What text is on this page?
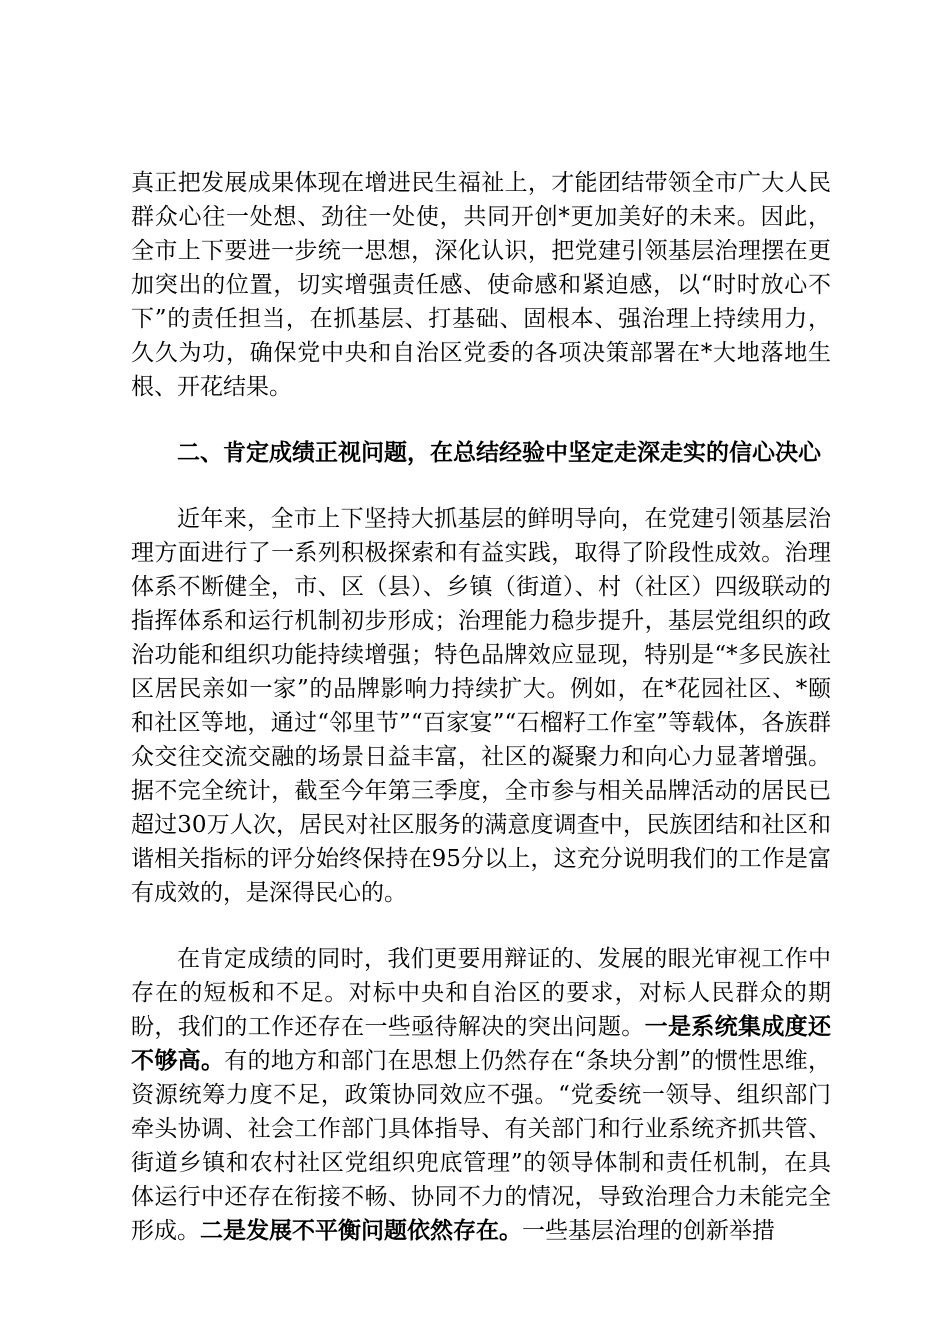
真正把发展成果体现在增进民生福祉上，才能团结带领全市广大人民群众心往一处想、劲往一处使，共同开创*更加美好的未来。因此，全市上下要进一步统一思想，深化认识，把党建引领基层治理摆在更加突出的位置，切实增强责任感、使命感和紧迫感，以“时时放心不下”的责任担当，在抓基层、打基础、固根本、强治理上持续用力，久久为功，确保党中央和自治区党委的各项决策部署在*大地落地生根、开花结果。

二、肯定成绩正视问题，在总结经验中坚定走深走实的信心决心

近年来，全市上下坚持大抓基层的鲜明导向，在党建引领基层治理方面进行了一系列积极探索和有益实践，取得了阶段性成效。治理体系不断健全，市、区（县）、乡镇（街道）、村（社区）四级联动的指挥体系和运行机制初步形成；治理能力稳步提升，基层党组织的政治功能和组织功能持续增强；特色品牌效应显现，特别是“*多民族社区居民亲如一家”的品牌影响力持续扩大。例如，在*花园社区、*颐和社区等地，通过“邻里节”“百家宴”“石榴籽工作室”等载体，各族群众交往交流交融的场景日益丰富，社区的凝聚力和向心力显著增强。据不完全统计，截至今年第三季度，全市参与相关品牌活动的居民已超过30万人次，居民对社区服务的满意度调查中，民族团结和社区和谐相关指标的评分始终保持在95分以上，这充分说明我们的工作是富有成效的，是深得民心的。

在肯定成绩的同时，我们更要用辩证的、发展的眼光审视工作中存在的短板和不足。对标中央和自治区的要求，对标人民群众的期盼，我们的工作还存在一些亟待解决的突出问题。一是系统集成度还不够高。有的地方和部门在思想上仍然存在“条块分割”的惯性思维，资源统筹力度不足，政策协同效应不强。“党委统一领导、组织部门牵头协调、社会工作部门具体指导、有关部门和行业系统齐抓共管、街道乡镇和农村社区党组织兜底管理”的领导体制和责任机制，在具体运行中还存在衔接不畅、协同不力的情况，导致治理合力未能完全形成。二是发展不平衡问题依然存在。一些基层治理的创新举措
